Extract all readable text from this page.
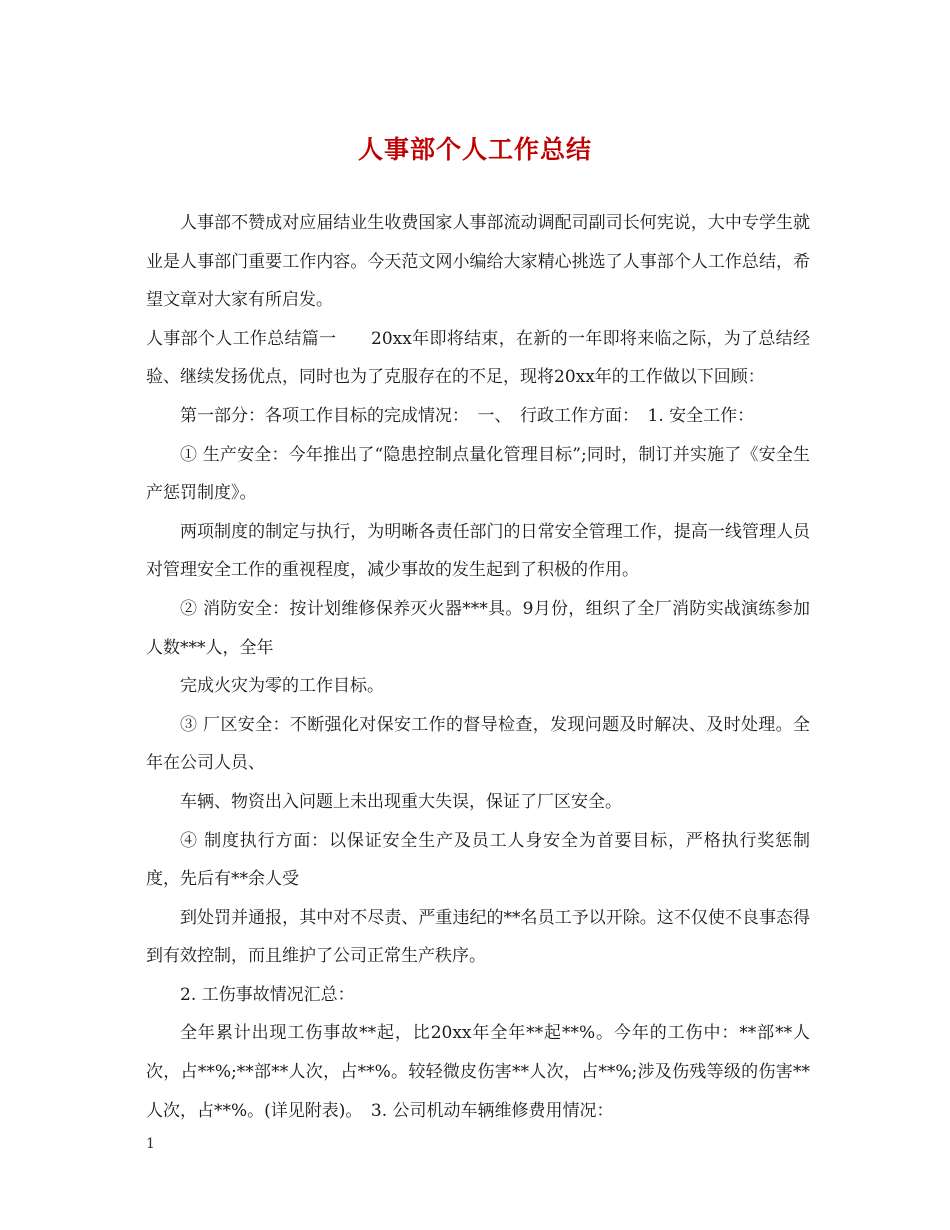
人事部个人工作总结

人事部不赞成对应届结业生收费国家人事部流动调配司副司长何宪说，大中专学生就业是人事部门重要工作内容。今天范文网小编给大家精心挑选了人事部个人工作总结，希望文章对大家有所启发。

人事部个人工作总结篇一　　20xx年即将结束，在新的一年即将来临之际，为了总结经验、继续发扬优点，同时也为了克服存在的不足，现将20xx年的工作做以下回顾：

第一部分：各项工作目标的完成情况：　一、　行政工作方面：　1. 安全工作：

① 生产安全：今年推出了“隐患控制点量化管理目标”;同时，制订并实施了《安全生产惩罚制度》。

两项制度的制定与执行，为明晰各责任部门的日常安全管理工作，提高一线管理人员对管理安全工作的重视程度，减少事故的发生起到了积极的作用。

② 消防安全：按计划维修保养灭火器***具。9月份，组织了全厂消防实战演练参加人数***人，全年

完成火灾为零的工作目标。

③ 厂区安全：不断强化对保安工作的督导检查，发现问题及时解决、及时处理。全年在公司人员、

车辆、物资出入问题上未出现重大失误，保证了厂区安全。

④ 制度执行方面：以保证安全生产及员工人身安全为首要目标，严格执行奖惩制度，先后有**余人受

到处罚并通报，其中对不尽责、严重违纪的**名员工予以开除。这不仅使不良事态得到有效控制，而且维护了公司正常生产秩序。

2. 工伤事故情况汇总：

全年累计出现工伤事故**起，比20xx年全年**起**%。今年的工伤中：**部**人次，占**%;**部**人次，占**%。较轻微皮伤害**人次，占**%;涉及伤残等级的伤害**人次，占**%。(详见附表)。　3. 公司机动车辆维修费用情况：

1
